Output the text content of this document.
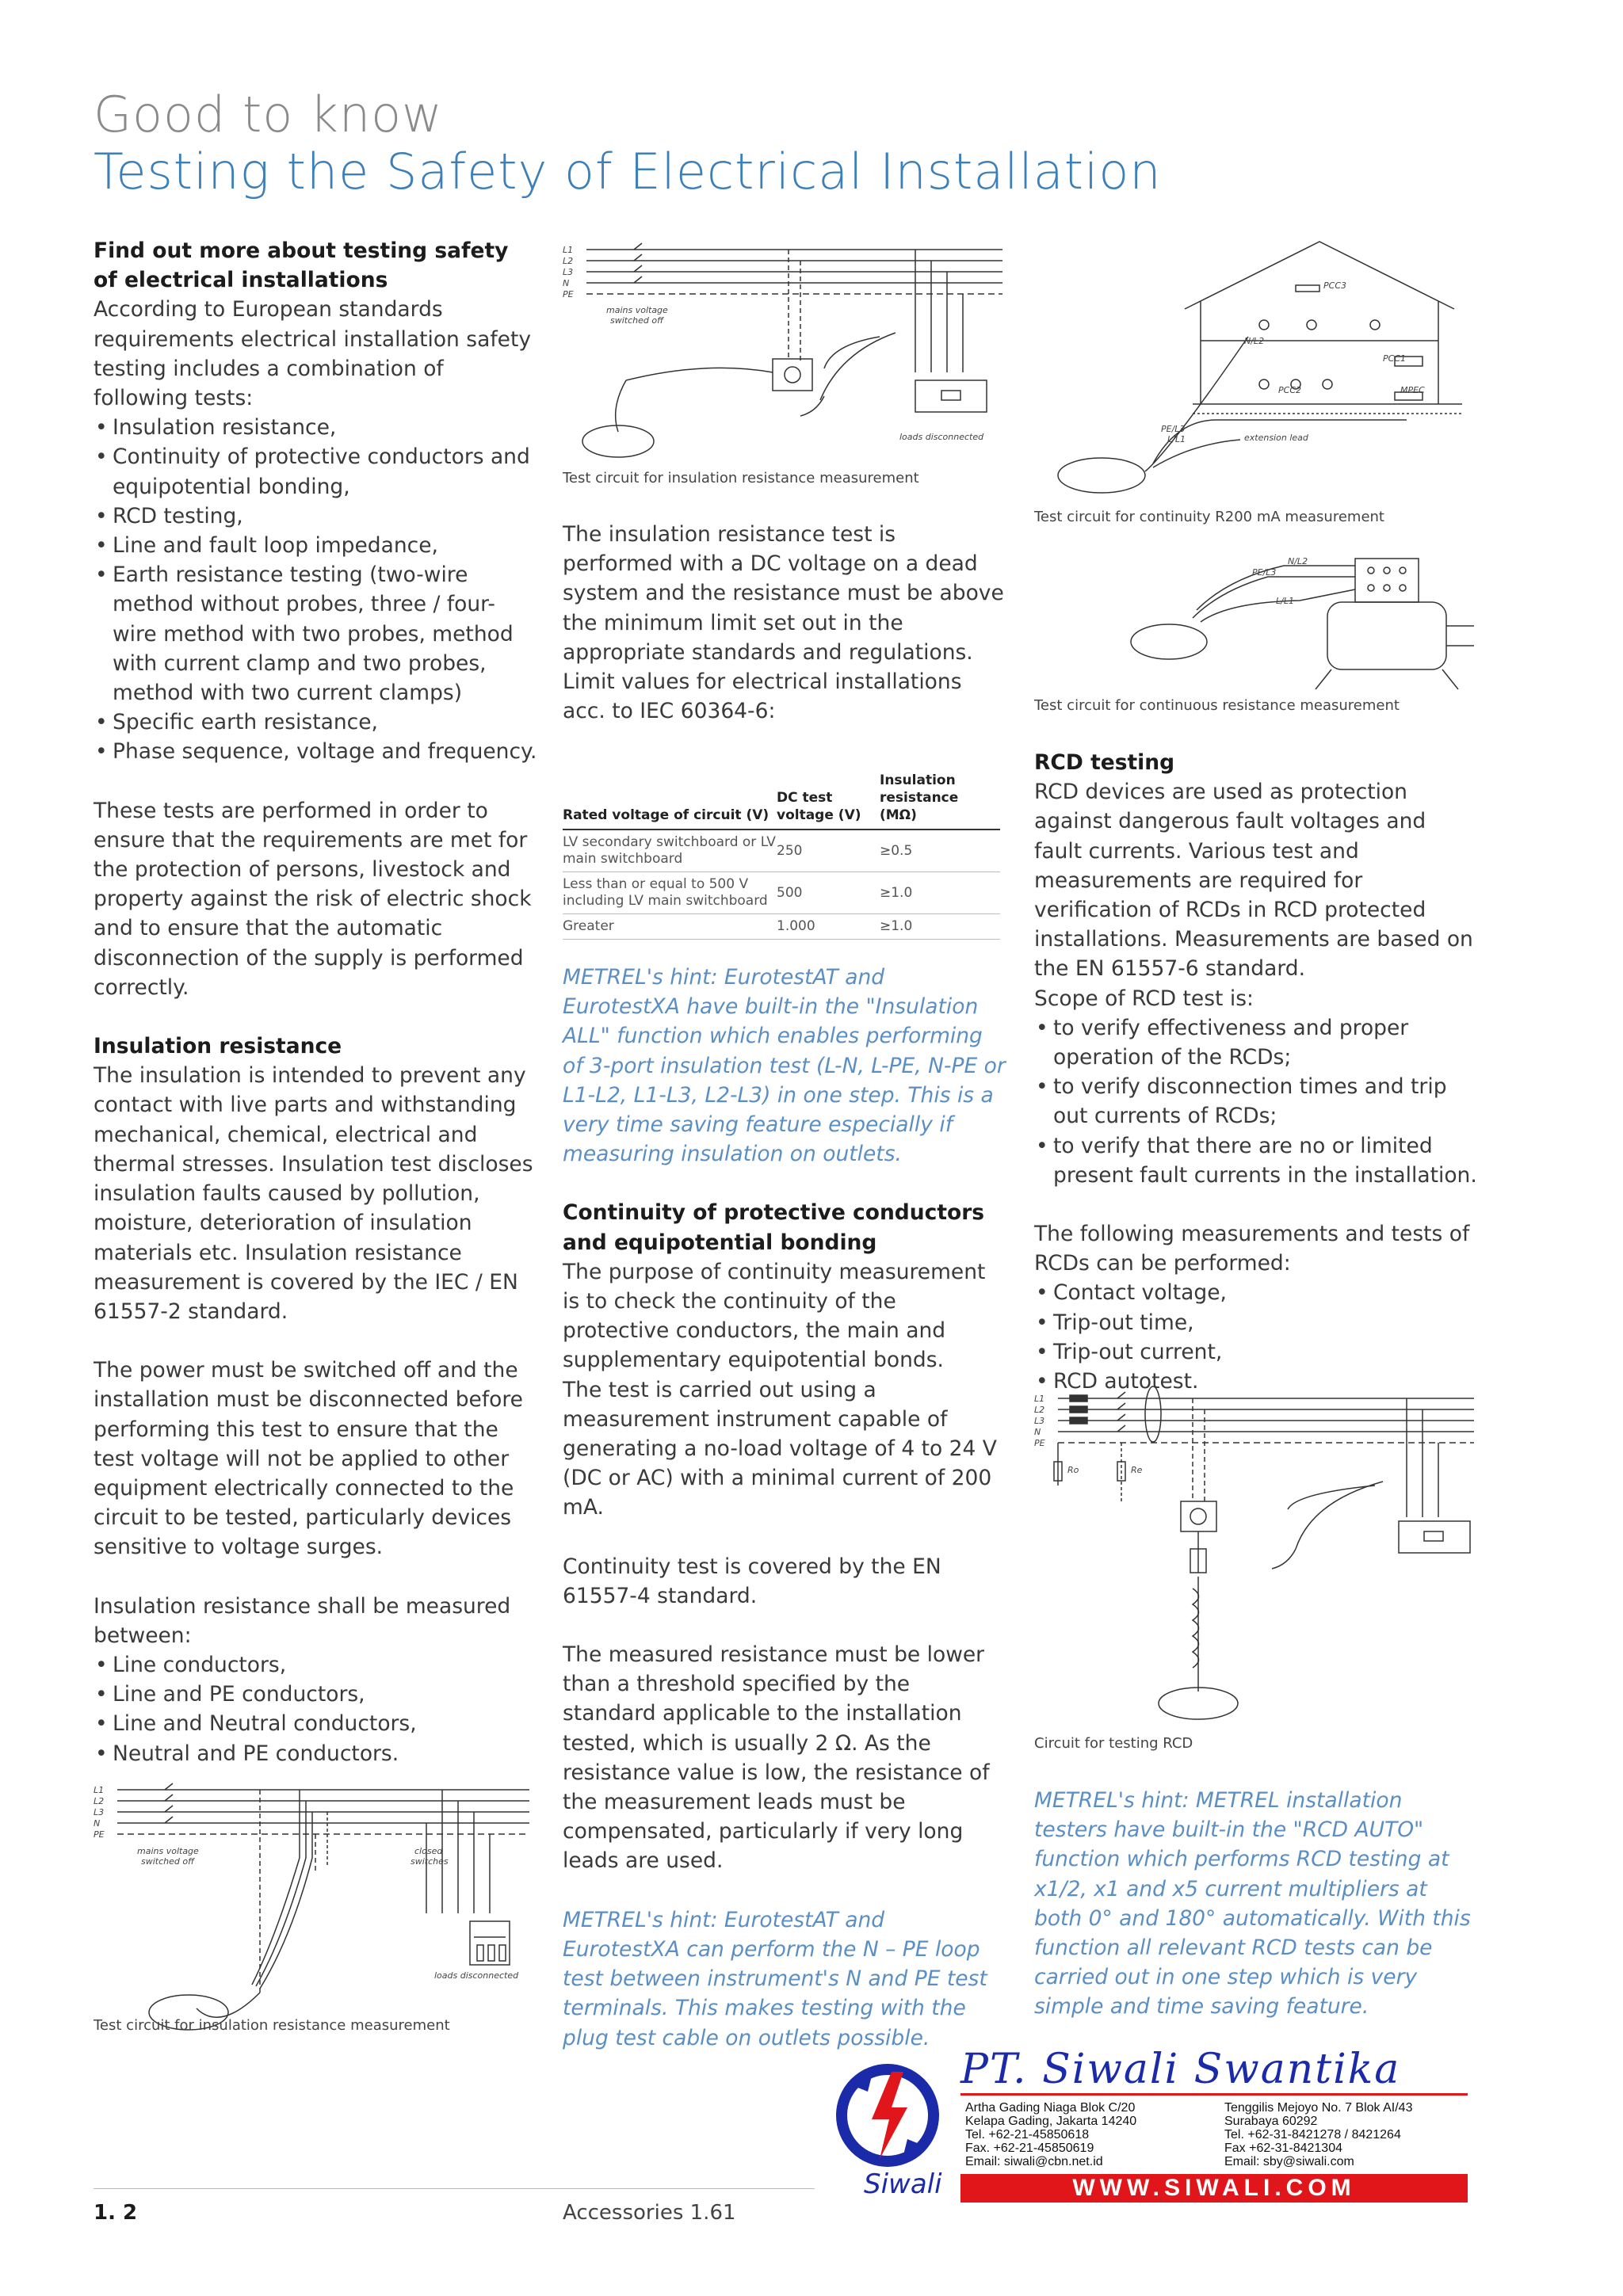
Good to know
Testing the Safety of Electrical Installation

Find out more about testing safety of electrical installations

According to European standards requirements electrical installation safety testing includes a combination of following tests:

• Insulation resistance,
• Continuity of protective conductors and equipotential bonding,
• RCD testing,
• Line and fault loop impedance,
• Earth resistance testing (two-wire method without probes, three / four-wire method with two probes, method with current clamp and two probes, method with two current clamps)
• Specific earth resistance,
• Phase sequence, voltage and frequency.

These tests are performed in order to ensure that the requirements are met for the protection of persons, livestock and property against the risk of electric shock and to ensure that the automatic disconnection of the supply is performed correctly.

Insulation resistance

The insulation is intended to prevent any contact with live parts and withstanding mechanical, chemical, electrical and thermal stresses. Insulation test discloses insulation faults caused by pollution, moisture, deterioration of insulation materials etc. Insulation resistance measurement is covered by the IEC / EN 61557-2 standard.

The power must be switched off and the installation must be disconnected before performing this test to ensure that the test voltage will not be applied to other equipment electrically connected to the circuit to be tested, particularly devices sensitive to voltage surges.

Insulation resistance shall be measured between:

• Line conductors,
• Line and PE conductors,
• Line and Neutral conductors,
• Neutral and PE conductors.
L1
L2
L3
N
PE
mains voltage
switched off
closed
switches
loads disconnected
Test circuit for insulation resistance measurement
L1
L2
L3
N
PE
mains voltage
switched off
loads disconnected
Test circuit for insulation resistance measurement

The insulation resistance test is performed with a DC voltage on a dead system and the resistance must be above the minimum limit set out in the appropriate standards and regulations.

Limit values for electrical installations acc. to IEC 60364-6:

Rated voltage of circuit (V)	DC test voltage (V)	Insulation resistance (MΩ)
LV secondary switchboard or LV main switchboard	250	≥0.5
Less than or equal to 500 V including LV main switchboard	500	≥1.0
Greater	1.000	≥1.0

METREL's hint: EurotestAT and EurotestXA have built-in the "Insulation ALL" function which enables performing of 3-port insulation test (L-N, L-PE, N-PE or L1-L2, L1-L3, L2-L3) in one step. This is a very time saving feature especially if measuring insulation on outlets.

Continuity of protective conductors and equipotential bonding

The purpose of continuity measurement is to check the continuity of the protective conductors, the main and supplementary equipotential bonds.

The test is carried out using a measurement instrument capable of generating a no-load voltage of 4 to 24 V (DC or AC) with a minimal current of 200 mA.

Continuity test is covered by the EN 61557-4 standard.

The measured resistance must be lower than a threshold specified by the standard applicable to the installation tested, which is usually 2 Ω. As the resistance value is low, the resistance of the measurement leads must be compensated, particularly if very long leads are used.

METREL's hint: EurotestAT and EurotestXA can perform the N – PE loop test between instrument's N and PE test terminals. This makes testing with the plug test cable on outlets possible.

PCC3
PCC1
PCC2	MPEC
N/L2
PE/L3
L/L1	extension lead
Test circuit for continuity R200 mA measurement
N/L2
PE/L3
L/L1
Test circuit for continuous resistance measurement

RCD testing

RCD devices are used as protection against dangerous fault voltages and fault currents. Various test and measurements are required for verification of RCDs in RCD protected installations. Measurements are based on the EN 61557-6 standard.

Scope of RCD test is:

• to verify effectiveness and proper operation of the RCDs;
• to verify disconnection times and trip out currents of RCDs;
• to verify that there are no or limited present fault currents in the installation.

The following measurements and tests of RCDs can be performed:

• Contact voltage,
• Trip-out time,
• Trip-out current,
• RCD autotest.
L1
L2
L3
N
PE
Ro	Re
Circuit for testing RCD

METREL's hint: METREL installation testers have built-in the "RCD AUTO" function which performs RCD testing at x1/2, x1 and x5 current multipliers at both 0° and 180° automatically. With this function all relevant RCD tests can be carried out in one step which is very simple and time saving feature.

Siwali
PT. Siwali Swantika
Artha Gading Niaga Blok C/20
Kelapa Gading, Jakarta 14240
Tel. +62-21-45850618
Fax. +62-21-45850619
Email: siwali@cbn.net.id
Tenggilis Mejoyo No. 7 Blok AI/43
Surabaya 60292
Tel. +62-31-8421278 / 8421264
Fax +62-31-8421304
Email: sby@siwali.com
WWW.SIWALI.COM
1. 2	Accessories 1.61
